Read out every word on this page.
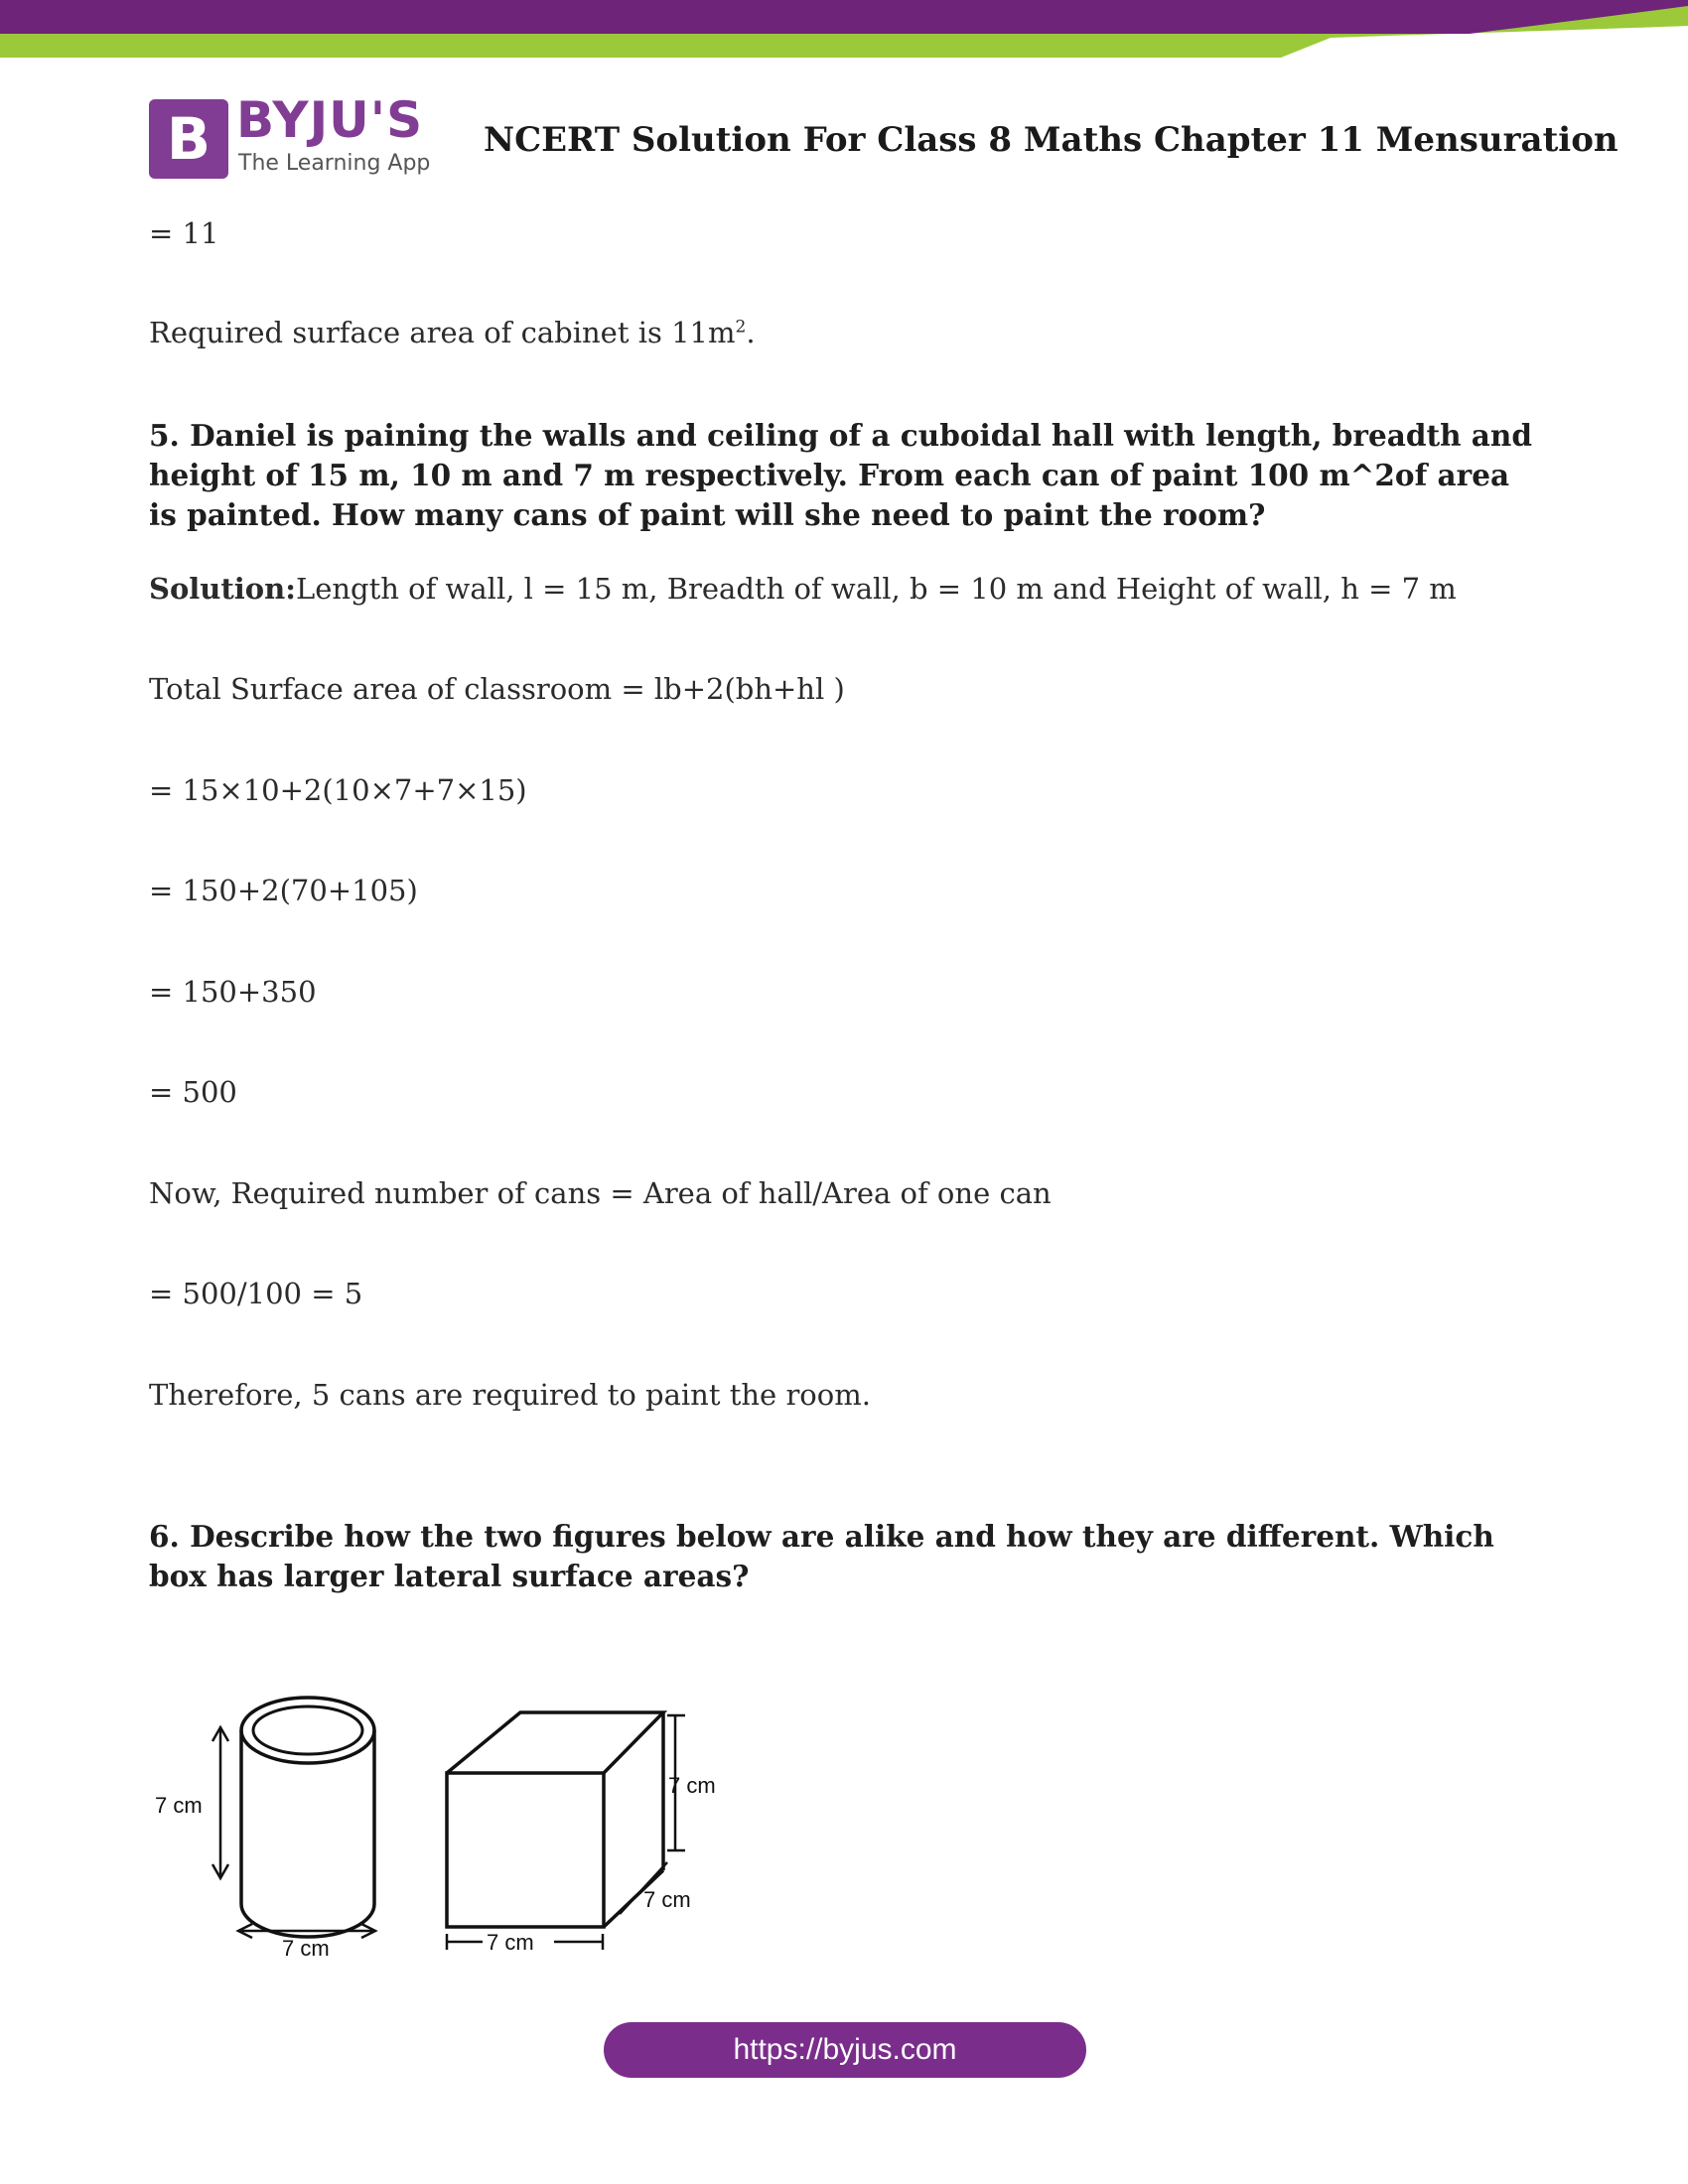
B BYJU'S
The Learning App
NCERT Solution For Class 8 Maths Chapter 11 Mensuration
= 11
Required surface area of cabinet is $11m^2$.
5. Daniel is paining the walls and ceiling of a cuboidal hall with length, breadth and height of 15 m, 10 m and 7 m respectively. From each can of paint 100 m^2of area is painted. How many cans of paint will she need to paint the room?
Solution:Length of wall, l = 15 m, Breadth of wall, b = 10 m and Height of wall, h = 7 m
Total Surface area of classroom = lb+2(bh+hl )
= 15×10+2(10×7+7×15)
= 150+2(70+105)
= 150+350
= 500
Now, Required number of cans = Area of hall/Area of one can
= 500/100 = 5
Therefore, 5 cans are required to paint the room.
6. Describe how the two figures below are alike and how they are different. Which box has larger lateral surface areas?
7 cm
7 cm
7 cm
7 cm
7 cm
https://byjus.com
